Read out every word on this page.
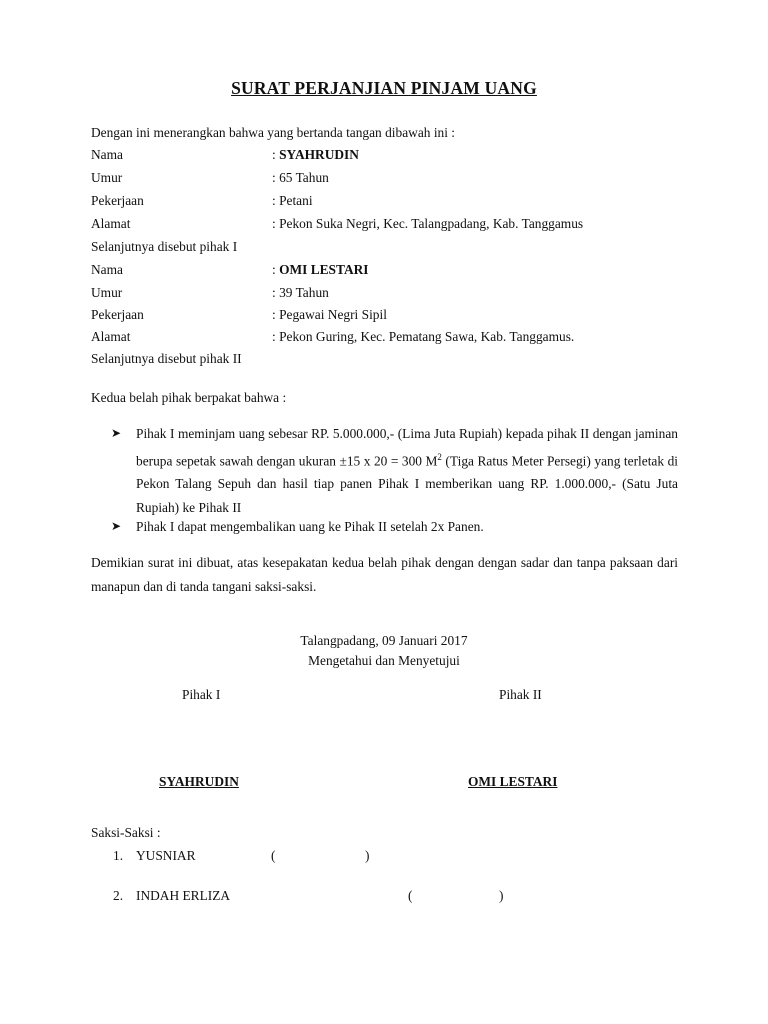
SURAT PERJANJIAN PINJAM UANG
Dengan ini menerangkan bahwa yang bertanda tangan dibawah ini :
Nama	: SYAHRUDIN
Umur	: 65 Tahun
Pekerjaan	: Petani
Alamat	: Pekon Suka Negri, Kec. Talangpadang, Kab. Tanggamus
Selanjutnya disebut pihak I
Nama	: OMI LESTARI
Umur	: 39 Tahun
Pekerjaan	: Pegawai Negri Sipil
Alamat	: Pekon Guring, Kec. Pematang Sawa, Kab. Tanggamus.
Selanjutnya disebut pihak II
Kedua belah pihak berpakat bahwa :
➤ Pihak I meminjam uang sebesar RP. 5.000.000,- (Lima Juta Rupiah) kepada pihak II dengan jaminan berupa sepetak sawah dengan ukuran ±15 x 20 = 300 $M^2$ (Tiga Ratus Meter Persegi) yang terletak di Pekon Talang Sepuh dan hasil tiap panen Pihak I memberikan uang RP. 1.000.000,- (Satu Juta Rupiah) ke Pihak II
➤ Pihak I dapat mengembalikan uang ke Pihak II setelah 2x Panen.
Demikian surat ini dibuat, atas kesepakatan kedua belah pihak dengan dengan sadar dan tanpa paksaan dari manapun dan di tanda tangani saksi-saksi.
Talangpadang, 09 Januari 2017
Mengetahui dan Menyetujui
Pihak I	Pihak II
SYAHRUDIN	OMI LESTARI
Saksi-Saksi :
1. YUSNIAR	(	)
2. INDAH ERLIZA	(	)
